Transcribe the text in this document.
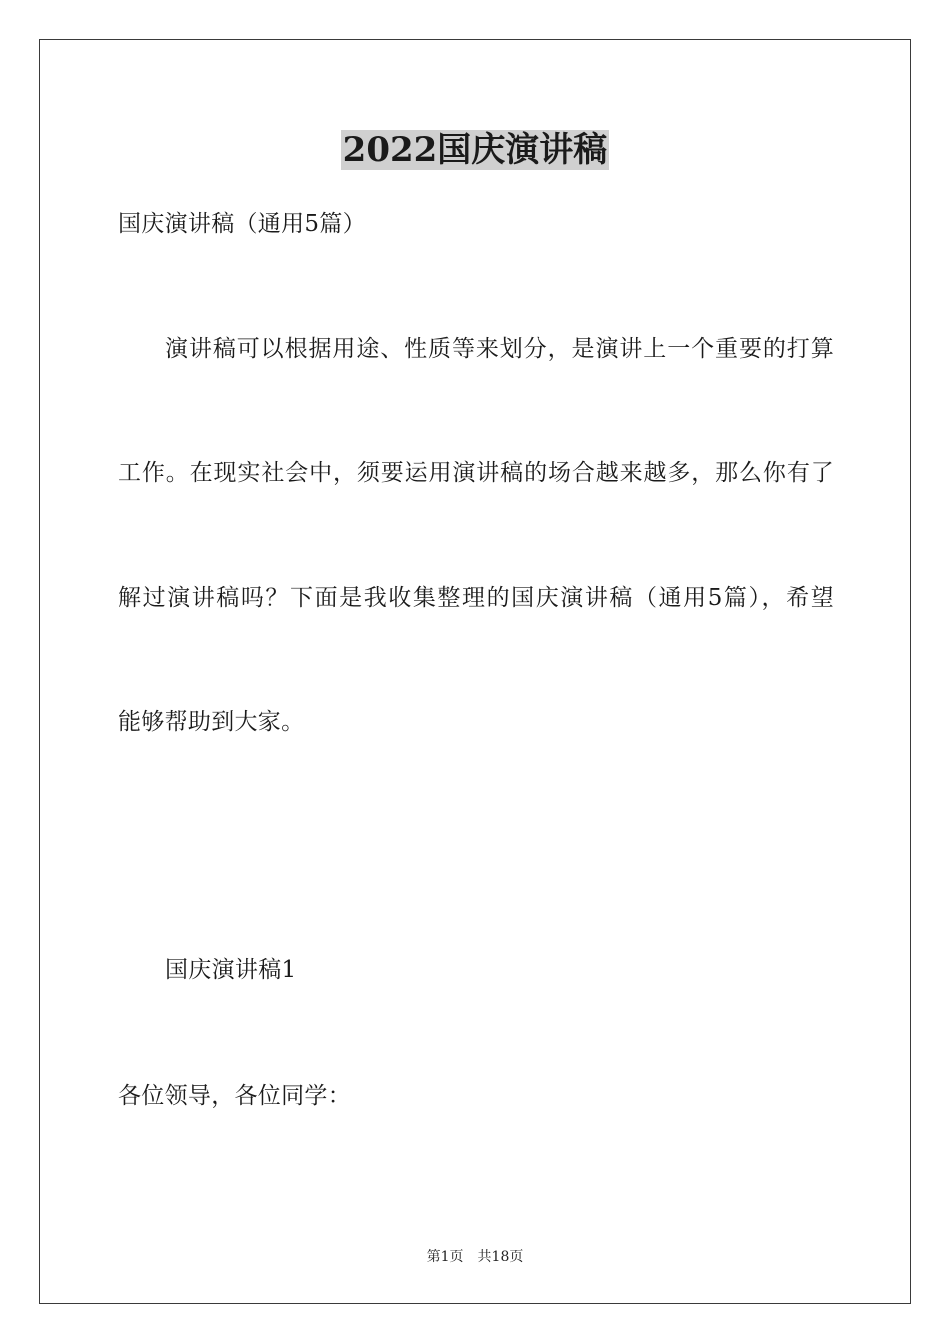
2022国庆演讲稿
国庆演讲稿（通用5篇）
演讲稿可以根据用途、性质等来划分，是演讲上一个重要的打算
工作。在现实社会中，须要运用演讲稿的场合越来越多，那么你有了
解过演讲稿吗？下面是我收集整理的国庆演讲稿（通用5篇），希望
能够帮助到大家。
国庆演讲稿1
各位领导，各位同学：
第1页 共18页
